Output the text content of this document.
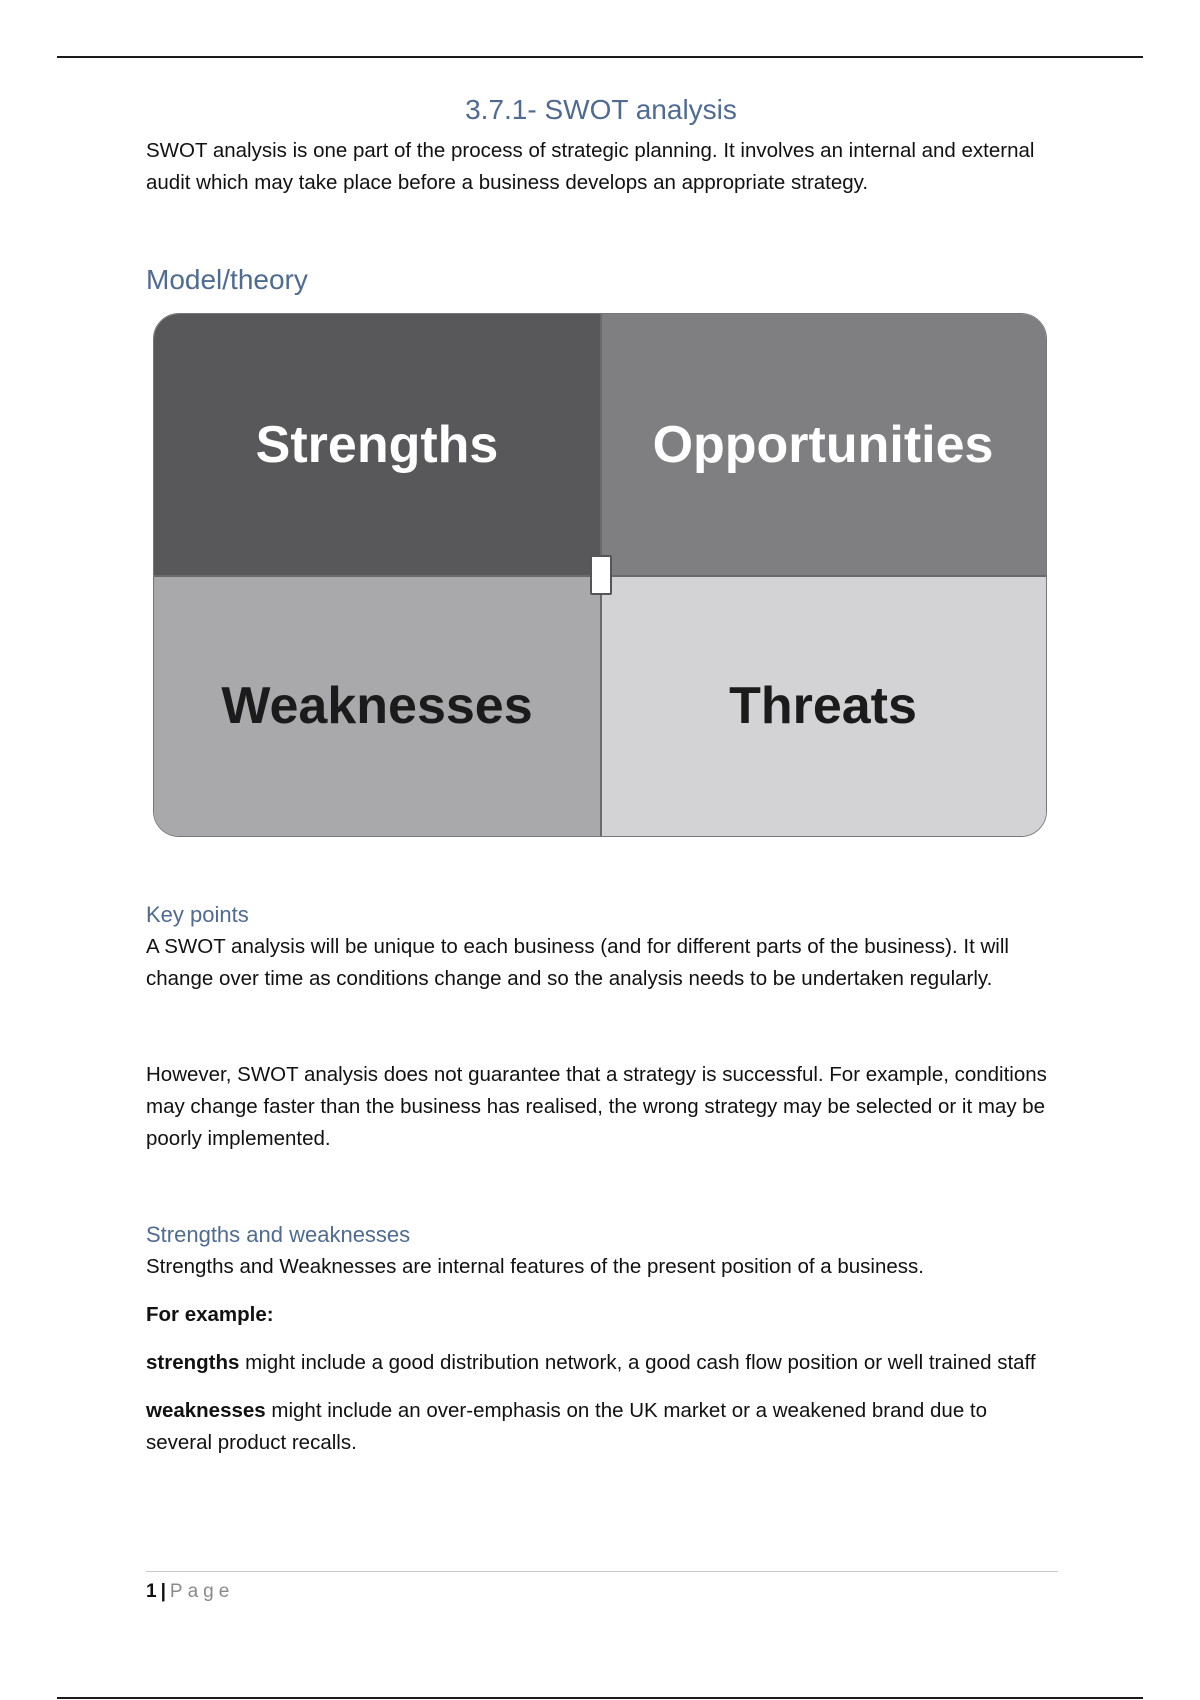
3.7.1- SWOT analysis

SWOT analysis is one part of the process of strategic planning. It involves an internal and external audit which may take place before a business develops an appropriate strategy.

Model/theory
Strengths	Opportunities
Weaknesses	Threats
Key points

A SWOT analysis will be unique to each business (and for different parts of the business). It will change over time as conditions change and so the analysis needs to be undertaken regularly.

However, SWOT analysis does not guarantee that a strategy is successful. For example, conditions may change faster than the business has realised, the wrong strategy may be selected or it may be poorly implemented.

Strengths and weaknesses

Strengths and Weaknesses are internal features of the present position of a business.

For example:

strengths might include a good distribution network, a good cash flow position or well trained staff

weaknesses might include an over-emphasis on the UK market or a weakened brand due to several product recalls.

1 | Page
